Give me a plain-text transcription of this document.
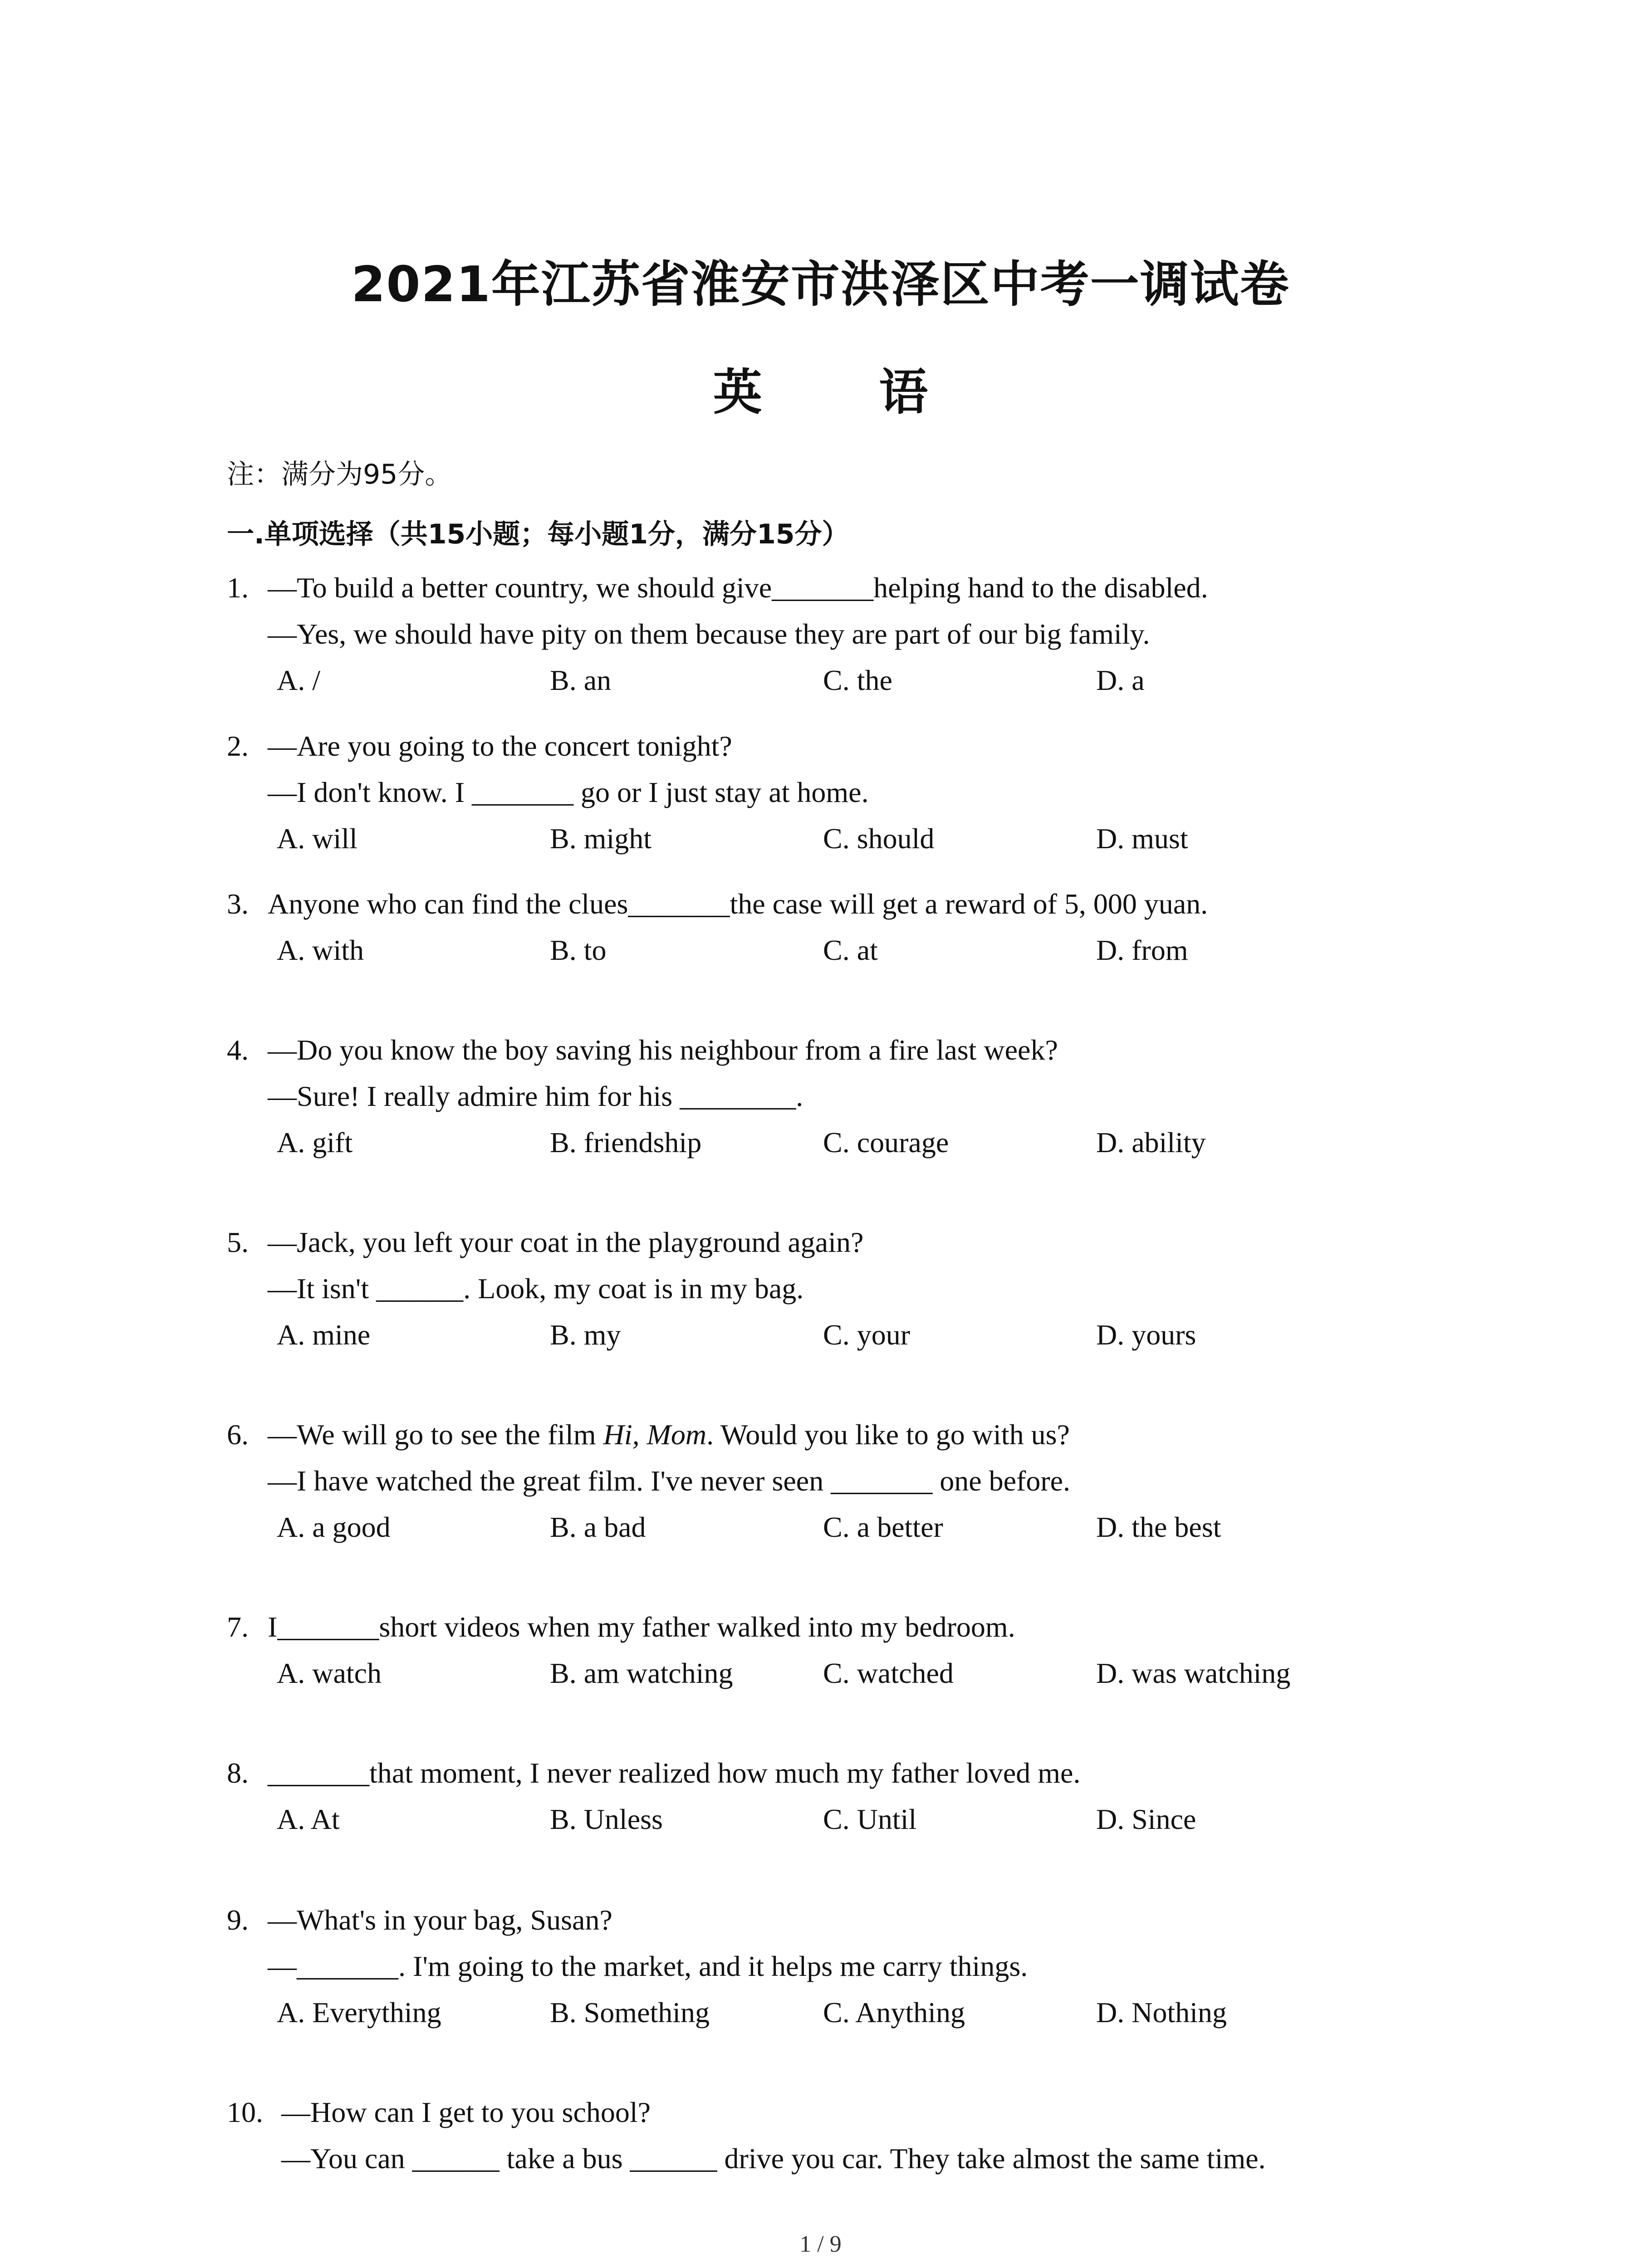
2021年江苏省淮安市洪泽区中考一调试卷
英 语
注：满分为95分。
一.单项选择（共15小题；每小题1分，满分15分）
1. —To build a better country, we should give_______helping hand to the disabled.
—Yes, we should have pity on them because they are part of our big family.
A. /	B. an	C. the	D. a
2. —Are you going to the concert tonight?
—I don't know. I _______ go or I just stay at home.
A. will	B. might	C. should	D. must
3. Anyone who can find the clues_______the case will get a reward of 5, 000 yuan.
A. with	B. to	C. at	D. from
4. —Do you know the boy saving his neighbour from a fire last week?
—Sure! I really admire him for his ________.
A. gift	B. friendship	C. courage	D. ability
5. —Jack, you left your coat in the playground again?
—It isn't ______. Look, my coat is in my bag.
A. mine	B. my	C. your	D. yours
6. —We will go to see the film Hi, Mom. Would you like to go with us?
—I have watched the great film. I've never seen _______ one before.
A. a good	B. a bad	C. a better	D. the best
7. I_______short videos when my father walked into my bedroom.
A. watch	B. am watching	C. watched	D. was watching
8. _______that moment, I never realized how much my father loved me.
A. At	B. Unless	C. Until	D. Since
9. —What's in your bag, Susan?
—_______. I'm going to the market, and it helps me carry things.
A. Everything	B. Something	C. Anything	D. Nothing
10. —How can I get to you school?
—You can ______ take a bus ______ drive you car. They take almost the same time.
1 / 9
